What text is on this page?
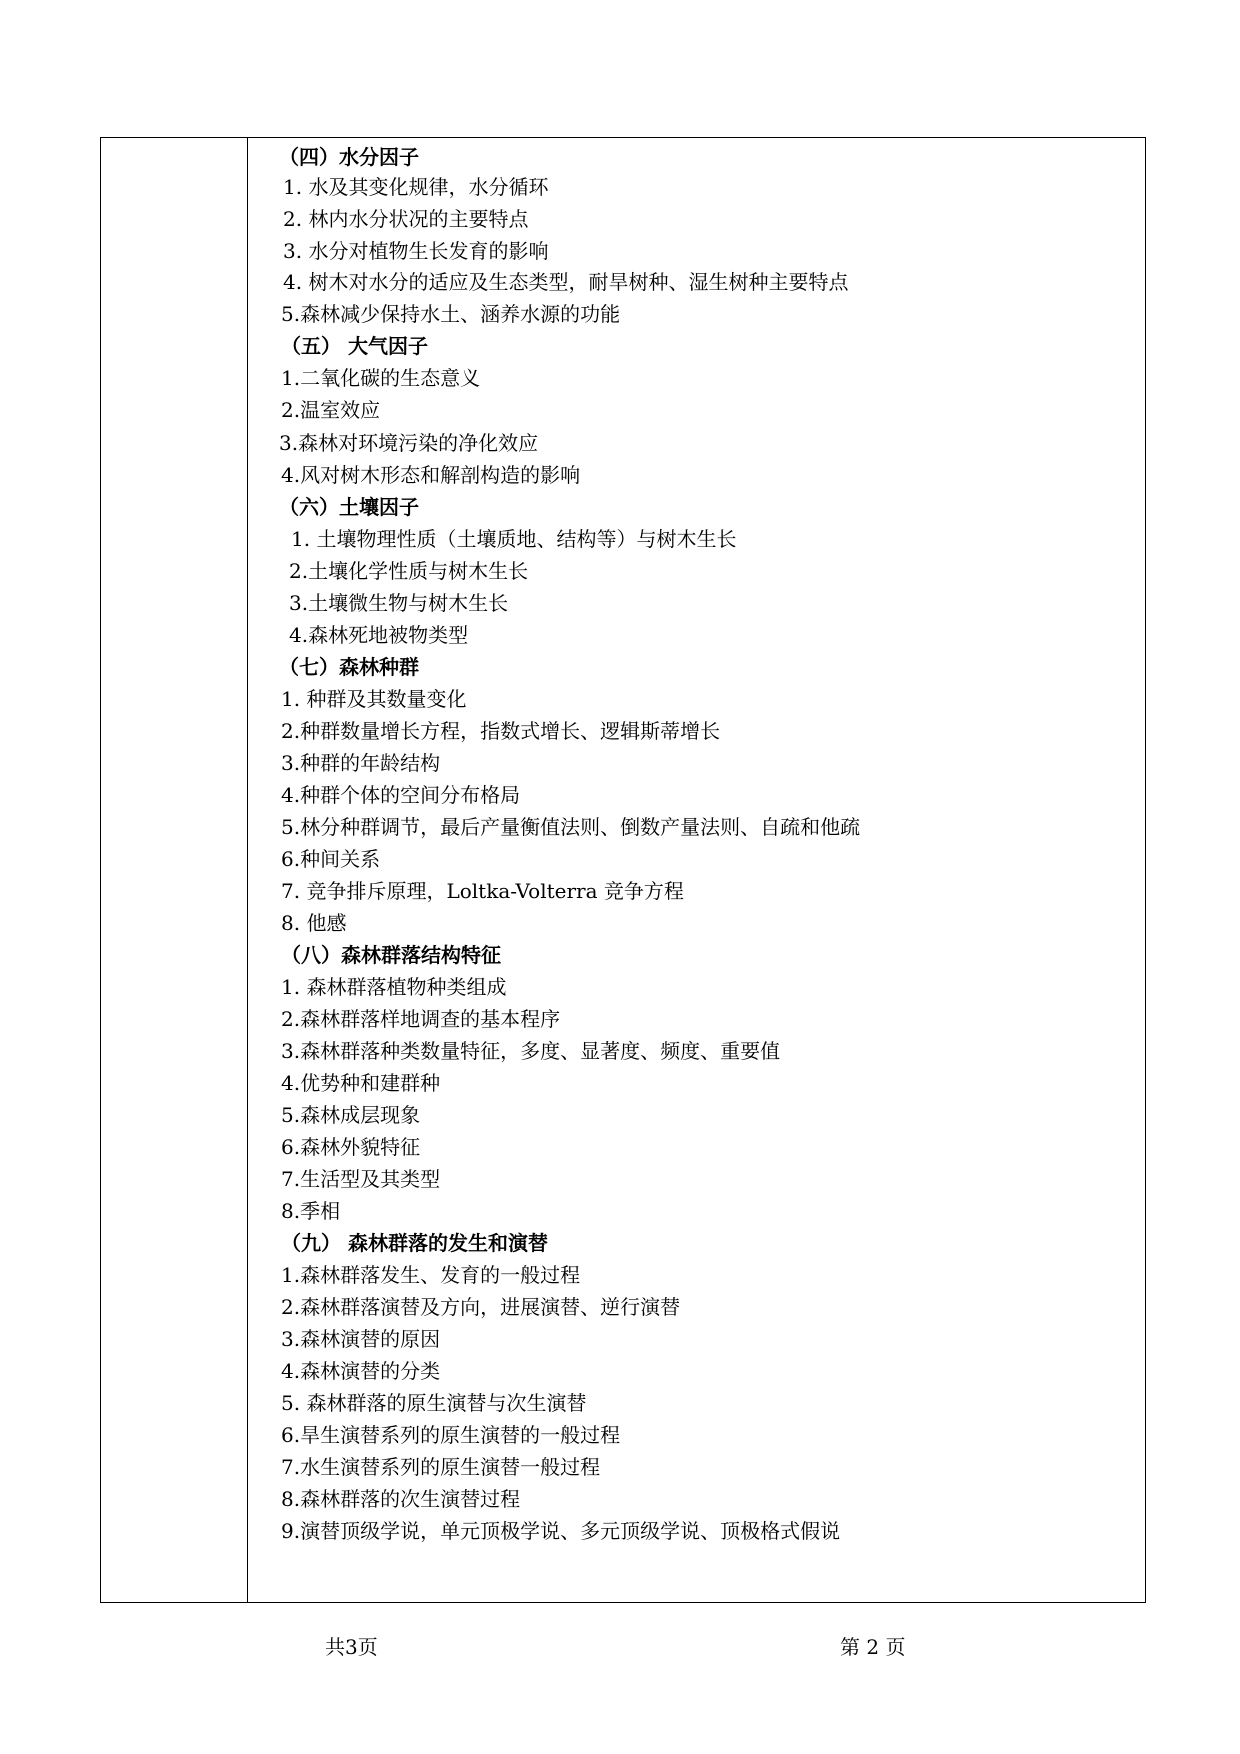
（四）水分因子
1. 水及其变化规律，水分循环
2. 林内水分状况的主要特点
3. 水分对植物生长发育的影响
4. 树木对水分的适应及生态类型，耐旱树种、湿生树种主要特点
5.森林减少保持水土、涵养水源的功能
（五） 大气因子
1.二氧化碳的生态意义
2.温室效应
3.森林对环境污染的净化效应
4.风对树木形态和解剖构造的影响
（六）土壤因子
1. 土壤物理性质（土壤质地、结构等）与树木生长
2.土壤化学性质与树木生长
3.土壤微生物与树木生长
4.森林死地被物类型
（七）森林种群
1. 种群及其数量变化
2.种群数量增长方程，指数式增长、逻辑斯蒂增长
3.种群的年龄结构
4.种群个体的空间分布格局
5.林分种群调节，最后产量衡值法则、倒数产量法则、自疏和他疏
6.种间关系
7. 竞争排斥原理，Loltka-Volterra 竞争方程
8. 他感
（八）森林群落结构特征
1. 森林群落植物种类组成
2.森林群落样地调查的基本程序
3.森林群落种类数量特征，多度、显著度、频度、重要值
4.优势种和建群种
5.森林成层现象
6.森林外貌特征
7.生活型及其类型
8.季相
（九） 森林群落的发生和演替
1.森林群落发生、发育的一般过程
2.森林群落演替及方向，进展演替、逆行演替
3.森林演替的原因
4.森林演替的分类
5. 森林群落的原生演替与次生演替
6.旱生演替系列的原生演替的一般过程
7.水生演替系列的原生演替一般过程
8.森林群落的次生演替过程
9.演替顶级学说，单元顶极学说、多元顶级学说、顶极格式假说
共3页	第 2 页
